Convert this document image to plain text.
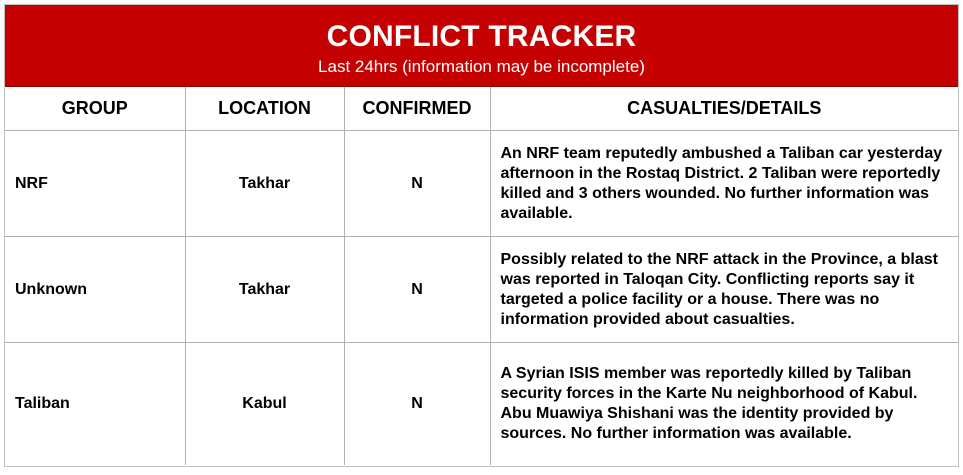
CONFLICT TRACKER
Last 24hrs (information may be incomplete)
GROUP	LOCATION	CONFIRMED	CASUALTIES/DETAILS
NRF	Takhar	N	An NRF team reputedly ambushed a Taliban car yesterday afternoon in the Rostaq District. 2 Taliban were reportedly killed and 3 others wounded. No further information was available.
Unknown	Takhar	N	Possibly related to the NRF attack in the Province, a blast was reported in Taloqan City. Conflicting reports say it targeted a police facility or a house. There was no information provided about casualties.
Taliban	Kabul	N	A Syrian ISIS member was reportedly killed by Taliban security forces in the Karte Nu neighborhood of Kabul. Abu Muawiya Shishani was the identity provided by sources. No further information was available.
